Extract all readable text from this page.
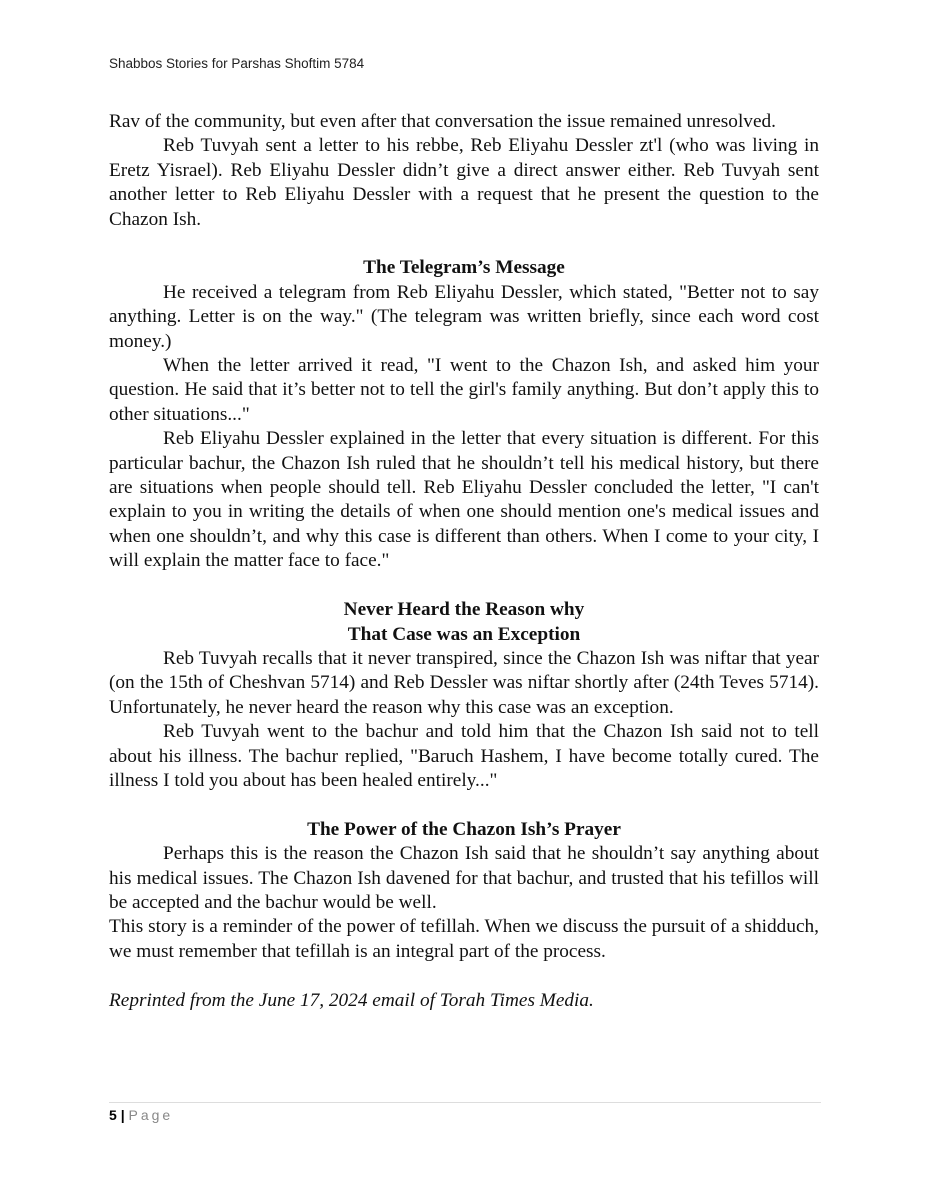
Shabbos Stories for Parshas Shoftim 5784

Rav of the community, but even after that conversation the issue remained unresolved.

Reb Tuvyah sent a letter to his rebbe, Reb Eliyahu Dessler zt'l (who was living in Eretz Yisrael). Reb Eliyahu Dessler didn’t give a direct answer either. Reb Tuvyah sent another letter to Reb Eliyahu Dessler with a request that he present the question to the Chazon Ish.

The Telegram’s Message

He received a telegram from Reb Eliyahu Dessler, which stated, "Better not to say anything. Letter is on the way." (The telegram was written briefly, since each word cost money.)

When the letter arrived it read, "I went to the Chazon Ish, and asked him your question. He said that it’s better not to tell the girl's family anything. But don’t apply this to other situations..."

Reb Eliyahu Dessler explained in the letter that every situation is different. For this particular bachur, the Chazon Ish ruled that he shouldn’t tell his medical history, but there are situations when people should tell. Reb Eliyahu Dessler concluded the letter, "I can't explain to you in writing the details of when one should mention one's medical issues and when one shouldn’t, and why this case is different than others. When I come to your city, I will explain the matter face to face."

Never Heard the Reason why
That Case was an Exception

Reb Tuvyah recalls that it never transpired, since the Chazon Ish was niftar that year (on the 15th of Cheshvan 5714) and Reb Dessler was niftar shortly after (24th Teves 5714). Unfortunately, he never heard the reason why this case was an exception.

Reb Tuvyah went to the bachur and told him that the Chazon Ish said not to tell about his illness. The bachur replied, "Baruch Hashem, I have become totally cured. The illness I told you about has been healed entirely..."

The Power of the Chazon Ish’s Prayer

Perhaps this is the reason the Chazon Ish said that he shouldn’t say anything about his medical issues. The Chazon Ish davened for that bachur, and trusted that his tefillos will be accepted and the bachur would be well.

This story is a reminder of the power of tefillah. When we discuss the pursuit of a shidduch, we must remember that tefillah is an integral part of the process.

Reprinted from the June 17, 2024 email of Torah Times Media.

5 | Page
